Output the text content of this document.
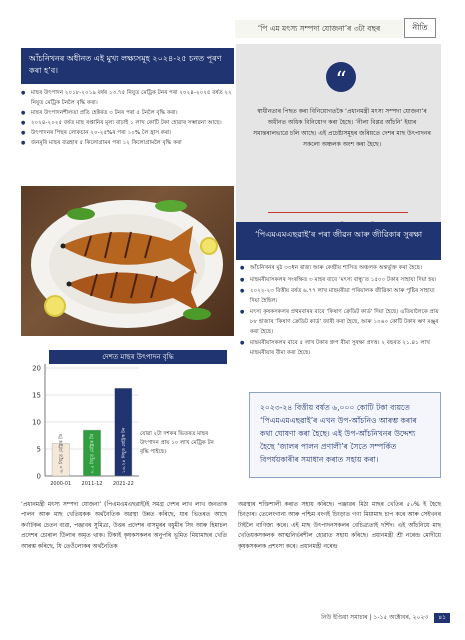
‘পি এম মৎস্য সম্পদা যোজনা’ৰ ৩টা বছৰ	নীতি
আঁচনিখনৰ অধীনত এই মুখ্য লক্ষ্যসমূহ ২০২৪-২৫ চনত পূৰণ কৰা হ’ব।
● মাছৰ উৎপাদন ২০১৮-২০১৯ বৰ্ষৰ ১৩.৭৫ নিযুত মেট্ৰিক টনৰ পৰা ২০২৪-২০২৫ বৰ্ষত ২২ নিযুত মেট্ৰিক টনলৈ বৃদ্ধি কৰা।
● মাছৰ উৎপাদনশীলতা প্ৰতি হেক্টৰত ৩ টনৰ পৰা ৫ টনলৈ বৃদ্ধি কৰা।
● ২০২৪-২০২৫ বৰ্ষত মাছ ৰপ্তানিৰ মূল্য বাঢ়াই ১ লাখ কোটি টকা হোৱাৰ সম্ভাৱনা আছে।
● উৎপাদনৰ পিছৰ লোকচান ২০-২৫%ৰ পৰা ১০% লৈ হ্ৰাস কৰা।
● জনমূৰি মাছৰ ব্যৱহাৰ ৫ কিলোগ্ৰামৰ পৰা ১২ কিলোগ্ৰামলৈ বৃদ্ধি কৰা
0
5
10
15
20
৬.০ নিযুত মেট্ৰিক টন
2000-01
৮.৫ নিযুত মেট্ৰিক টন
2011-12
১৬.২৪ নিযুত মেট্ৰিক টন
2021-22
দেশত মাছৰ উৎপাদন বৃদ্ধি
যোৱা ২টা দশকৰ ভিতৰত মাছৰ উৎপাদন প্ৰায় ১০ লাখ মেট্ৰিক টন বৃদ্ধি পাইছে।
“
স্বাধীনতাৰ পিছত কৰা বিনিয়োগতকৈ ‘প্ৰধানমন্ত্ৰী মৎস্য সম্পদা যোজনা’ৰ অধীনত অধিক বিনিয়োগ কৰা হৈছে। ‘নীলা বিপ্লৱ আঁচনি’ ইয়াৰ সমান্তৰালভাৱে চলি আছে। এই প্ৰচেষ্টাসমূহৰ জৰিয়তে দেশৰ মাছ উৎপাদনৰ সকলো অঞ্চলক অংশ কৰা হৈছে।
‘পিএমএমএছৱাই’ৰ পৰা জীৱন আৰু জীৱিকাৰ সুৰক্ষা
● আঁচনিখনৰ মুঠ ৩৩ধন ৰাজ্য আৰু কেন্দ্ৰীয় শাসিত অঞ্চলক অন্তৰ্ভুক্ত কৰা হৈছে।
● মাছমৰীয়াসকলৰ সংৰক্ষিত ৩ মাহৰ বাবে ‘মৎস্য বান্ধু’ত ১৫০০ টকাৰ সাহায্য দিয়া হয়।
● ২০২২-২৩ বিত্তীয় বৰ্ষত ৬.৭৭ লাখ মাছমৰীয়া পৰিয়ালক জীৱিকা আৰু পুষ্টিৰ সাহায্য দিয়া হৈছিল।
● মৎস্য কৃষকসকলৰ প্ৰথমবাৰৰ বাবে ‘কিষাণ ক্ৰেডিট কাৰ্ড’ দিয়া হৈছে। এতিয়ালৈকে প্ৰায় ৮৮ হাজাৰ ‘কিষাণ ক্ৰেডিট কাৰ্ড’ জাৰী কৰা হৈছে, আৰু ১০৬০ কোটি টকাৰ ঋণ মঞ্জুৰ কৰা হৈছে।
● মাছমৰীয়াসকলৰ বাবে ৫ লাখ টকাৰ গ্ৰুপ বীমা সুৰক্ষা প্ৰদত্ত। ২ বছৰত ২১.৪১ লাখ মাছমৰীয়াৰ বীমা কৰা হৈছে।
২০২৩-২৪ বিত্তীয় বৰ্ষত ৬,০০০ কোটি টকা ব্যয়তে ‘পিএমএমএছৱাই’ৰ এখন উপ-আঁচনিও আৰম্ভ কৰাৰ কথা ঘোষণা কৰা হৈছে। এই উপ-আঁচনিখনৰ উদ্দেশ্য হৈছে ‘জালৰ পালন প্ৰণালী’ৰ সৈতে সম্পৰ্কিত বিপৰ্যয়কাৰীৰ সমাধান কৰাত সহায় কৰা।
‘প্ৰধানমন্ত্ৰী মৎস্য সম্পদা যোজনা’ (পিএমএমএছৱাই)ই সমগ্ৰ দেশৰ লাখ লাখ জনতাক পালন আৰু মাছ খেতিয়কক অৰ্থনৈতিক অৱস্থা উন্নত কৰিছে, যাৰ ভিতৰত আছে কৰ্ণাটকৰ চেতন বাৱা, পঞ্জাবৰ সুমিত্ৰা, উত্তৰ প্ৰদেশৰ বাসমুৰৰ বধুমীৰ সিং আৰু হিমাচল প্ৰদেশৰ চোৰাল উিলাৰ অমৃত থাক। টিকাই কৃষকসকলৰ অনুপৰি ভূমিত মিয়ামাছৰ খেতি আৰম্ভ কৰিছে, যি তেওঁলোকৰ অৰ্থনৈতিক
অৱস্থাৰ শক্তিশালী কৰাত সহায় কৰিছে। পঞ্জাৱৰ মিঠা মাছৰ খেতিৰ ৫০% ই হৈছে চিংড়াৰ। তেলেংগানা আৰু পশ্চিম বংগই চিংড়াত গণ্য মিয়ামাছ চাপ কৰে আৰু সেইখনৰ টাইলৈ বাণিজ্য কৰে। এই মাছ উৎপাদনসকলৰ বেচিত্ৰ্যতাই দৰ্শিদ। এই আঁচনিয়ে মাছ খেতিয়কসকলক আত্মনিৰ্ভৰশীল হোৱাত সহায় কৰিছে। প্ৰধানমন্ত্ৰী শ্ৰী নৰেন্দ্ৰ মোদীয়ে কৃষকসকলক প্ৰশংসা কৰে। প্ৰধানমন্ত্ৰী নৰেন্দ্ৰ
নিউ ইণ্ডিয়া সমাচাৰ | ১-১৫ অক্টোবৰ, ২০২৩ ৪১
